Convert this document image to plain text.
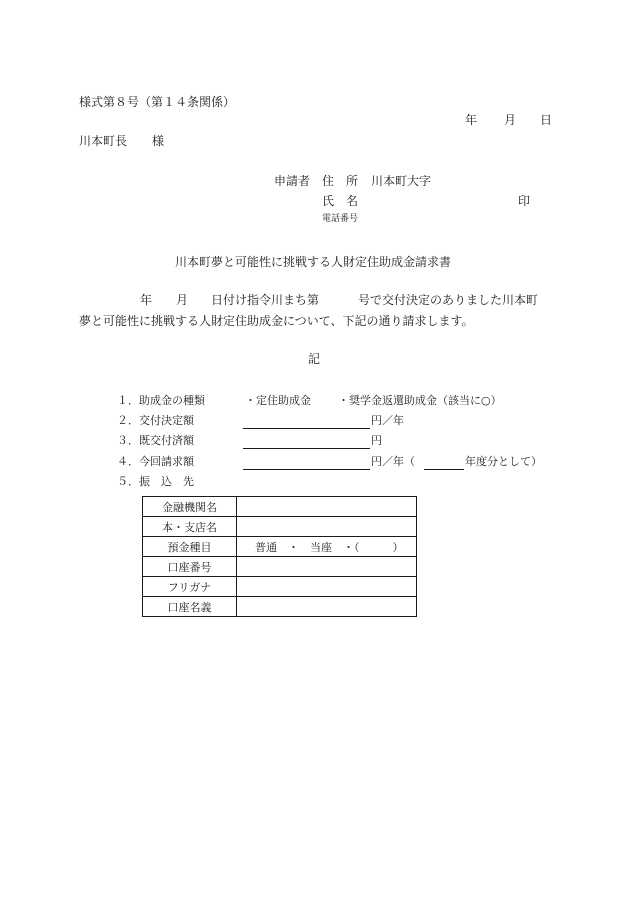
様式第８号（第１４条関係）
年 月 日
川本町長 様
申請者 住　所 川本町大字
氏　名	印
電話番号
川本町夢と可能性に挑戦する人財定住助成金請求書
年 月 日付け指令川まち第	号で交付決定のありました川本町
夢と可能性に挑戦する人財定住助成金について、下記の通り請求します。
記
１．助成金の種類	・定住助成金 ・奨学金返還助成金（該当に○）
２．交付決定額	円／年
３．既交付済額	円
４．今回請求額	円／年（	年度分として）
５．振　込　先
金融機関名	
本・支店名	
預金種目	普通　・　当座　・（　　　）
口座番号	
フリガナ	
口座名義	
